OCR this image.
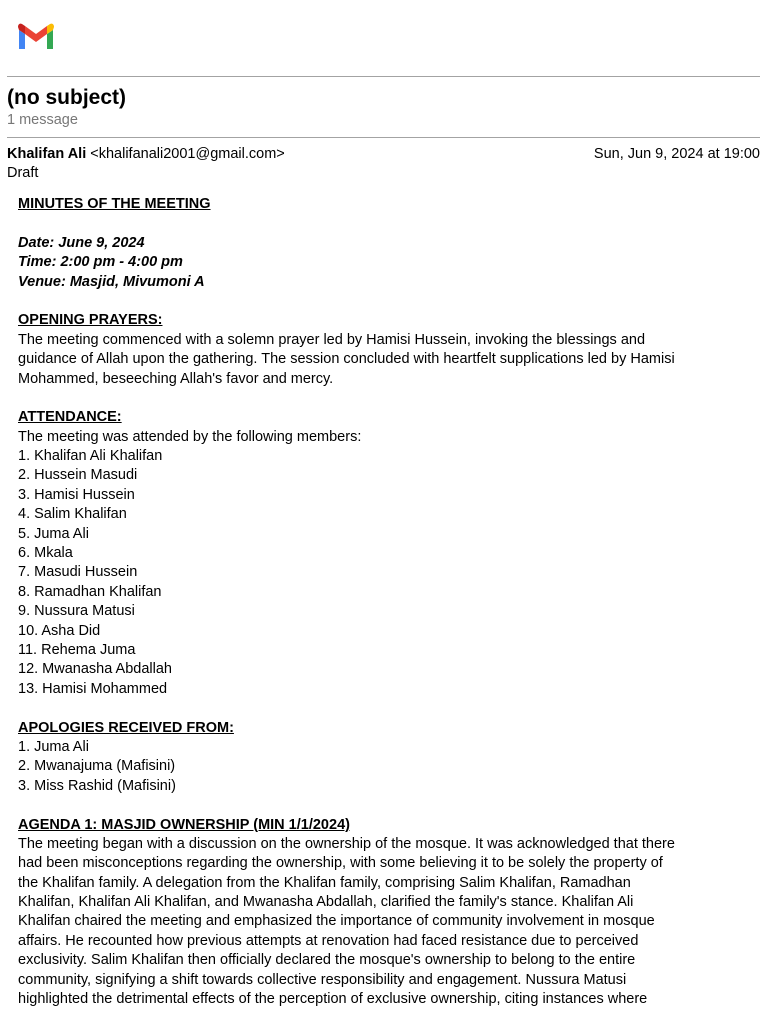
(no subject)
1 message
Khalifan Ali <khalifanali2001@gmail.com>	Sun, Jun 9, 2024 at 19:00
Draft
MINUTES OF THE MEETING
Date: June 9, 2024
Time: 2:00 pm - 4:00 pm
Venue: Masjid, Mivumoni A
OPENING PRAYERS:
The meeting commenced with a solemn prayer led by Hamisi Hussein, invoking the blessings and
guidance of Allah upon the gathering. The session concluded with heartfelt supplications led by Hamisi
Mohammed, beseeching Allah's favor and mercy.
ATTENDANCE:
The meeting was attended by the following members:
1. Khalifan Ali Khalifan
2. Hussein Masudi
3. Hamisi Hussein
4. Salim Khalifan
5. Juma Ali
6. Mkala
7. Masudi Hussein
8. Ramadhan Khalifan
9. Nussura Matusi
10. Asha Did
11. Rehema Juma
12. Mwanasha Abdallah
13. Hamisi Mohammed
APOLOGIES RECEIVED FROM:
1. Juma Ali
2. Mwanajuma (Mafisini)
3. Miss Rashid (Mafisini)
AGENDA 1: MASJID OWNERSHIP (MIN 1/1/2024)
The meeting began with a discussion on the ownership of the mosque. It was acknowledged that there
had been misconceptions regarding the ownership, with some believing it to be solely the property of
the Khalifan family. A delegation from the Khalifan family, comprising Salim Khalifan, Ramadhan
Khalifan, Khalifan Ali Khalifan, and Mwanasha Abdallah, clarified the family's stance. Khalifan Ali
Khalifan chaired the meeting and emphasized the importance of community involvement in mosque
affairs. He recounted how previous attempts at renovation had faced resistance due to perceived
exclusivity. Salim Khalifan then officially declared the mosque's ownership to belong to the entire
community, signifying a shift towards collective responsibility and engagement. Nussura Matusi
highlighted the detrimental effects of the perception of exclusive ownership, citing instances where
